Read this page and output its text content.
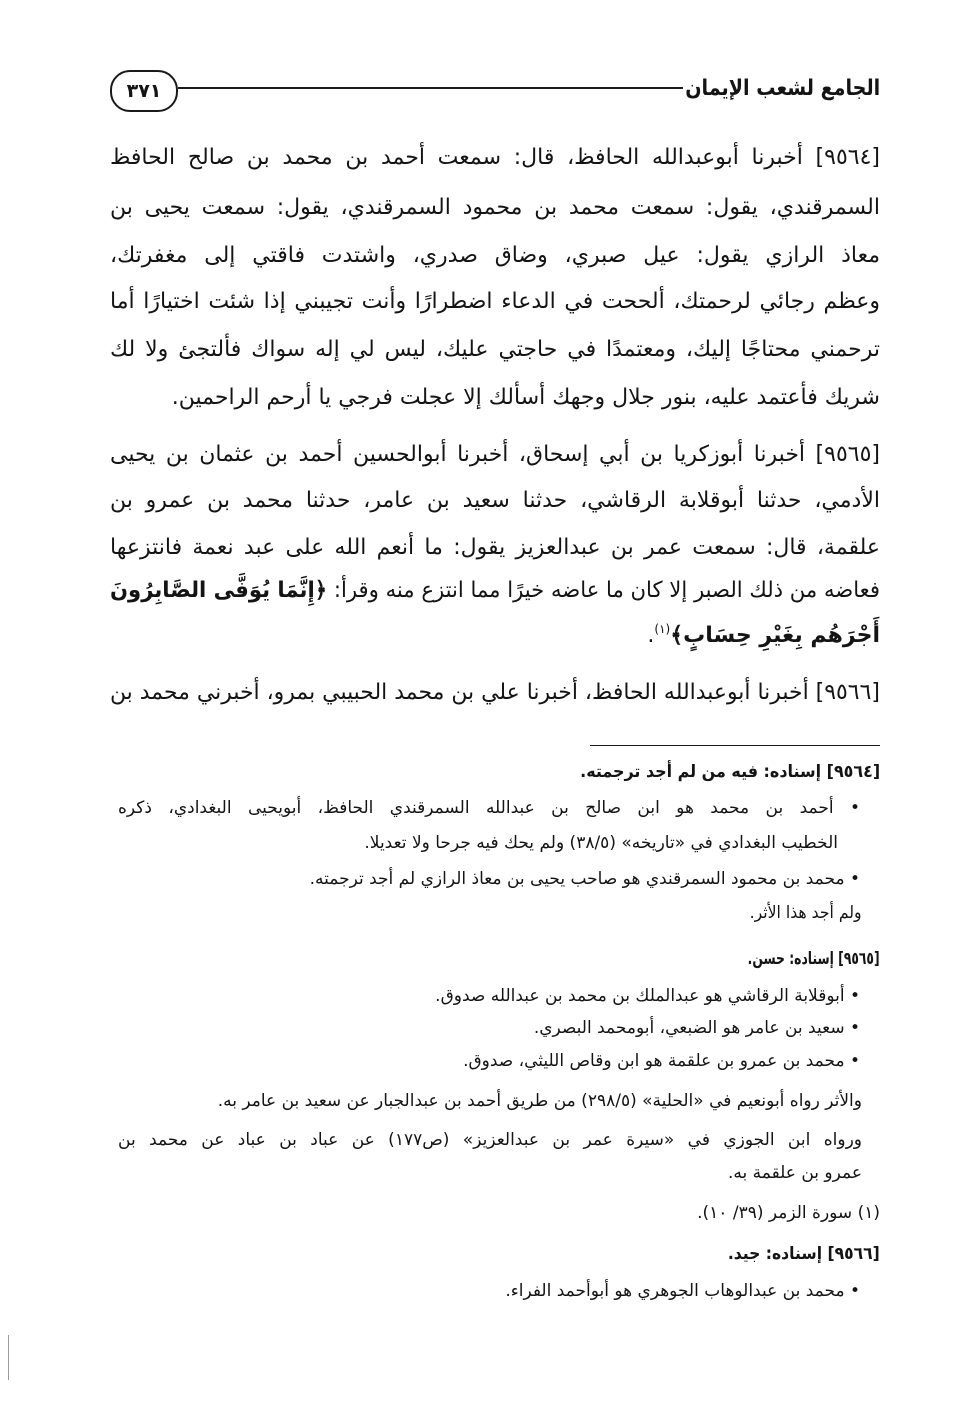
الجامع لشعب الإيمان
٣٧١
[٩٥٦٤] أخبرنا أبوعبدالله الحافظ، قال: سمعت أحمد بن محمد بن صالح الحافظ
السمرقندي، يقول: سمعت محمد بن محمود السمرقندي، يقول: سمعت يحيى بن
معاذ الرازي يقول: عيل صبري، وضاق صدري، واشتدت فاقتي إلى مغفرتك،
وعظم رجائي لرحمتك، ألححت في الدعاء اضطرارًا وأنت تجيبني إذا شئت اختيارًا أما
ترحمني محتاجًا إليك، ومعتمدًا في حاجتي عليك، ليس لي إله سواك فألتجئ ولا لك
شريك فأعتمد عليه، بنور جلال وجهك أسألك إلا عجلت فرجي يا أرحم الراحمين.
[٩٥٦٥] أخبرنا أبوزكريا بن أبي إسحاق، أخبرنا أبوالحسين أحمد بن عثمان بن يحيى
الأدمي، حدثنا أبوقلابة الرقاشي، حدثنا سعيد بن عامر، حدثنا محمد بن عمرو بن
علقمة، قال: سمعت عمر بن عبدالعزيز يقول: ما أنعم الله على عبد نعمة فانتزعها
فعاضه من ذلك الصبر إلا كان ما عاضه خيرًا مما انتزع منه وقرأ: ﴿إِنَّمَا يُوَفَّى الصَّابِرُونَ
أَجْرَهُم بِغَيْرِ حِسَابٍ﴾$^{(١)}$.
[٩٥٦٦] أخبرنا أبوعبدالله الحافظ، أخبرنا علي بن محمد الحبيبي بمرو، أخبرني محمد بن
[٩٥٦٤] إسناده: فيه من لم أجد ترجمته.
• أحمد بن محمد هو ابن صالح بن عبدالله السمرقندي الحافظ، أبويحيى البغدادي، ذكره
الخطيب البغدادي في «تاريخه» (٣٨/٥) ولم يحك فيه جرحا ولا تعديلا.
• محمد بن محمود السمرقندي هو صاحب يحيى بن معاذ الرازي لم أجد ترجمته.
ولم أجد هذا الأثر.
[٩٥٦٥] إسناده: حسن.
• أبوقلابة الرقاشي هو عبدالملك بن محمد بن عبدالله صدوق.
• سعيد بن عامر هو الضبعي، أبومحمد البصري.
• محمد بن عمرو بن علقمة هو ابن وقاص الليثي، صدوق.
والأثر رواه أبونعيم في «الحلية» (٢٩٨/٥) من طريق أحمد بن عبدالجبار عن سعيد بن عامر به.
ورواه ابن الجوزي في «سيرة عمر بن عبدالعزيز» (ص١٧٧) عن عباد بن عباد عن محمد بن
عمرو بن علقمة به.
(١) سورة الزمر (٣٩/ ١٠).
[٩٥٦٦] إسناده: جيد.
• محمد بن عبدالوهاب الجوهري هو أبوأحمد الفراء.
